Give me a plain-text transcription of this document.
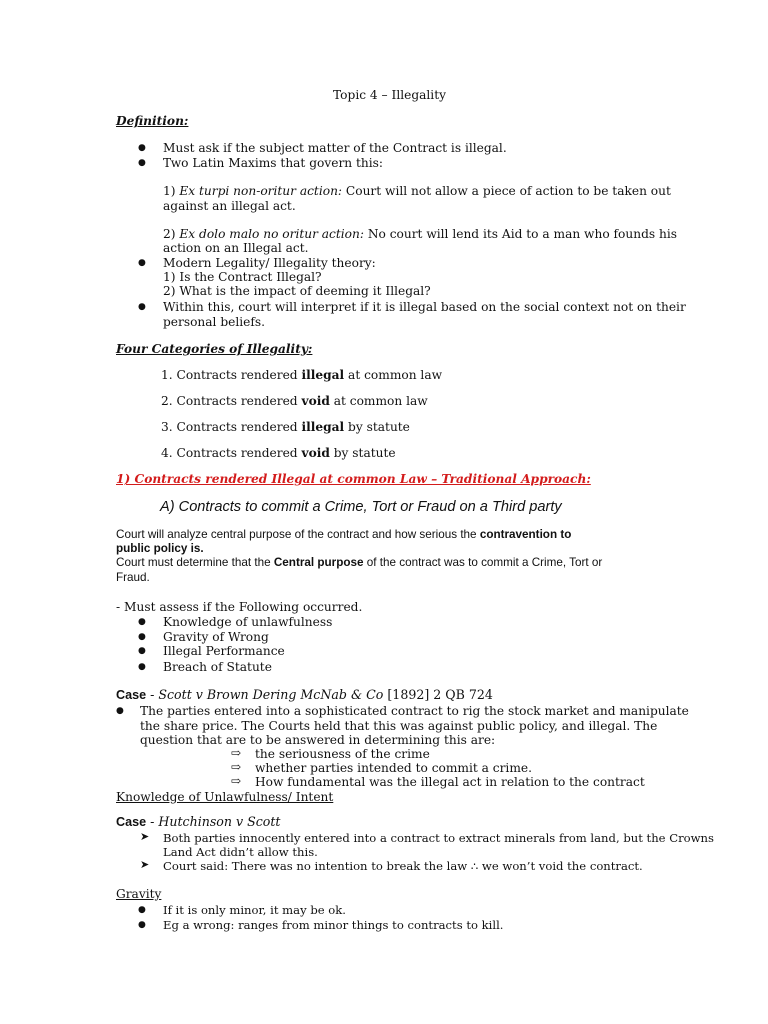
Topic 4 – Illegality
Definition:
● Must ask if the subject matter of the Contract is illegal.
● Two Latin Maxims that govern this:
1) Ex turpi non-oritur action: Court will not allow a piece of action to be taken out
against an illegal act.
2) Ex dolo malo no oritur action: No court will lend its Aid to a man who founds his
action on an Illegal act.
● Modern Legality/ Illegality theory:
1) Is the Contract Illegal?
2) What is the impact of deeming it Illegal?
● Within this, court will interpret if it is illegal based on the social context not on their
personal beliefs.
Four Categories of Illegality:
1. Contracts rendered illegal at common law
2. Contracts rendered void at common law
3. Contracts rendered illegal by statute
4. Contracts rendered void by statute
1) Contracts rendered Illegal at common Law – Traditional Approach:
A) Contracts to commit a Crime, Tort or Fraud on a Third party
Court will analyze central purpose of the contract and how serious the contravention to
public policy is.
Court must determine that the Central purpose of the contract was to commit a Crime, Tort or
Fraud.
- Must assess if the Following occurred.
● Knowledge of unlawfulness
● Gravity of Wrong
● Illegal Performance
● Breach of Statute
Case - Scott v Brown Dering McNab & Co [1892] 2 QB 724
● The parties entered into a sophisticated contract to rig the stock market and manipulate
the share price. The Courts held that this was against public policy, and illegal. The
question that are to be answered in determining this are:
⇨ the seriousness of the crime
⇨ whether parties intended to commit a crime.
⇨ How fundamental was the illegal act in relation to the contract
Knowledge of Unlawfulness/ Intent
Case - Hutchinson v Scott
➤ Both parties innocently entered into a contract to extract minerals from land, but the Crowns
Land Act didn’t allow this.
➤ Court said: There was no intention to break the law ∴ we won’t void the contract.
Gravity
● If it is only minor, it may be ok.
● Eg a wrong: ranges from minor things to contracts to kill.
